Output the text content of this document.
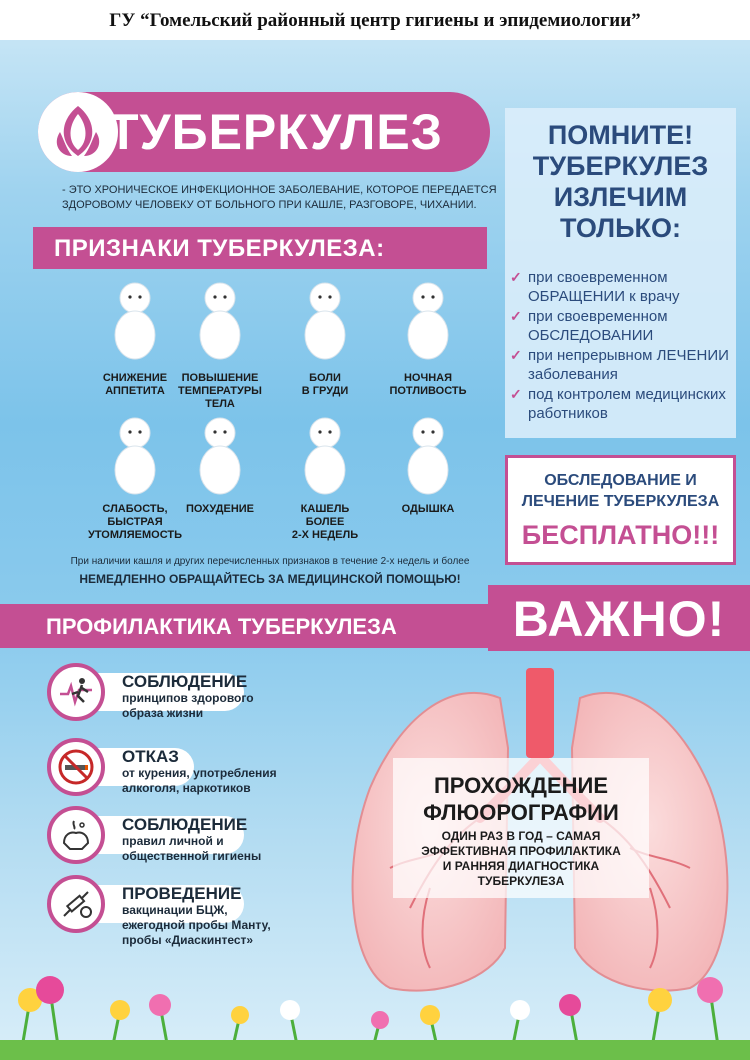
ГУ “Гомельский районный центр гигиены и эпидемиологии”
ТУБЕРКУЛЕЗ
- ЭТО ХРОНИЧЕСКОЕ ИНФЕКЦИОННОЕ ЗАБОЛЕВАНИЕ, КОТОРОЕ ПЕРЕДАЕТСЯ ЗДОРОВОМУ ЧЕЛОВЕКУ ОТ БОЛЬНОГО ПРИ КАШЛЕ, РАЗГОВОРЕ, ЧИХАНИИ.
ПРИЗНАКИ ТУБЕРКУЛЕЗА:
ПОМНИТЕ!
ТУБЕРКУЛЕЗ
ИЗЛЕЧИМ
ТОЛЬКО:
✓ при своевременном ОБРАЩЕНИИ к врачу
✓ при своевременном ОБСЛЕДОВАНИИ
✓ при непрерывном ЛЕЧЕНИИ заболевания
✓ под контролем медицинских работников
ОБСЛЕДОВАНИЕ И
ЛЕЧЕНИЕ ТУБЕРКУЛЕЗА
БЕСПЛАТНО!!!
СНИЖЕНИЕ
АППЕТИТА
ПОВЫШЕНИЕ
ТЕМПЕРАТУРЫ
ТЕЛА
БОЛИ
В ГРУДИ
НОЧНАЯ
ПОТЛИВОСТЬ
СЛАБОСТЬ,
БЫСТРАЯ
УТОМЛЯЕМОСТЬ
ПОХУДЕНИЕ	КАШЕЛЬ
БОЛЕЕ
2-Х НЕДЕЛЬ
ОДЫШКА
При наличии кашля и других перечисленных признаков в течение 2-х недель и более
НЕМЕДЛЕННО ОБРАЩАЙТЕСЬ ЗА МЕДИЦИНСКОЙ ПОМОЩЬЮ!
ПРОФИЛАКТИКА ТУБЕРКУЛЕЗА	ВАЖНО!
СОБЛЮДЕНИЕ
принципов здорового
образа жизни
ОТКАЗ
от курения, употребления
алкоголя, наркотиков
СОБЛЮДЕНИЕ
правил личной и
общественной гигиены
ПРОВЕДЕНИЕ
вакцинации БЦЖ,
ежегодной пробы Манту,
пробы «Диаскинтест»
ПРОХОЖДЕНИЕ
ФЛЮОРОГРАФИИ
ОДИН РАЗ В ГОД – САМАЯ
ЭФФЕКТИВНАЯ ПРОФИЛАКТИКА
И РАННЯЯ ДИАГНОСТИКА
ТУБЕРКУЛЕЗА
